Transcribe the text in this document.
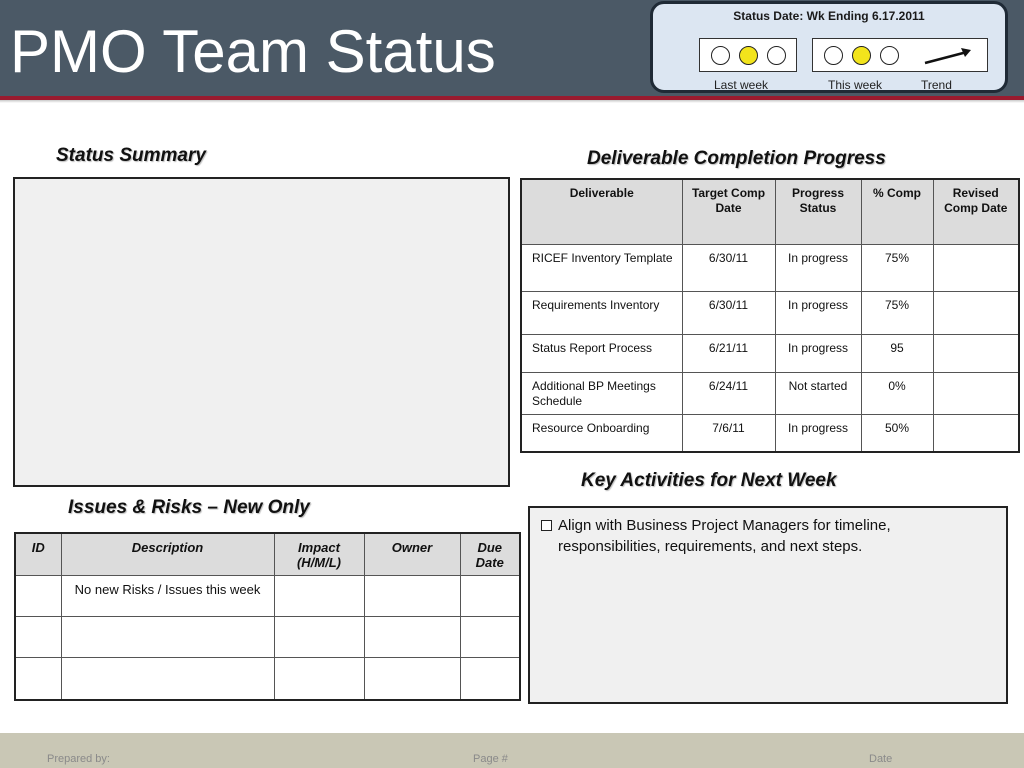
PMO Team Status
Status Date: Wk Ending 6.17.2011
Last week	This week	Trend
Status Summary	Deliverable Completion Progress
Deliverable	Target Comp Date	Progress Status	% Comp	Revised Comp Date
RICEF Inventory Template	6/30/11	In progress	75%	
Requirements Inventory	6/30/11	In progress	75%	
Status Report Process	6/21/11	In progress	95	
Additional BP Meetings Schedule	6/24/11	Not started	0%	
Resource Onboarding	7/6/11	In progress	50%	
Issues & Risks – New Only
ID	Description	Impact (H/M/L)	Owner	Due Date
	No new Risks / Issues this week			

Key Activities for Next Week
Align with Business Project Managers for timeline, responsibilities, requirements, and next steps.
Prepared by:	Page #	Date
